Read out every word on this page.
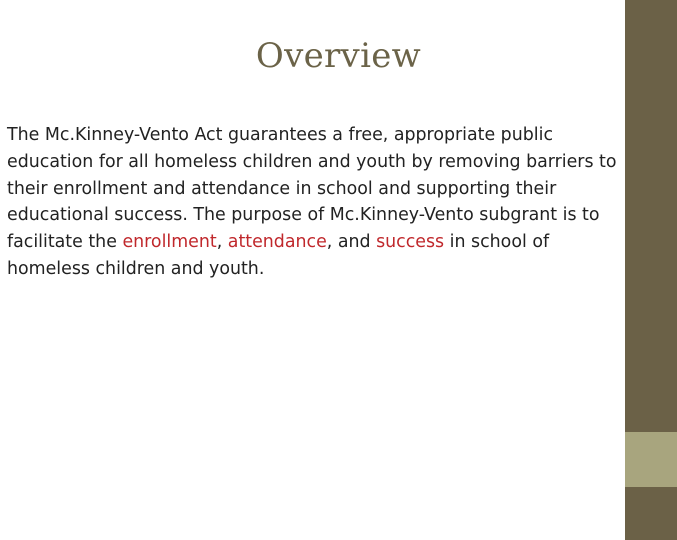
Overview

The Mc.Kinney-Vento Act guarantees a free, appropriate public education for all homeless children and youth by removing barriers to their enrollment and attendance in school and supporting their educational success. The purpose of Mc.Kinney-Vento subgrant is to facilitate the enrollment, attendance, and success in school of homeless children and youth.
